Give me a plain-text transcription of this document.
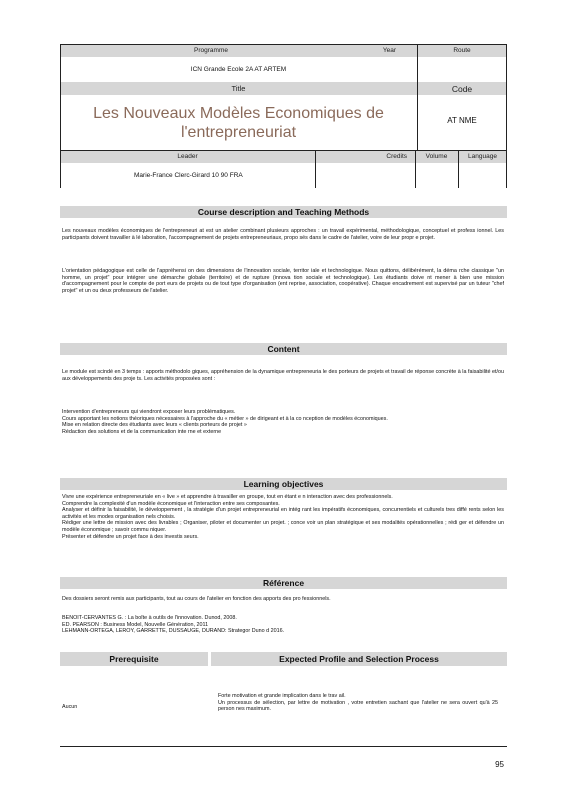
Programme	Year	Route
ICN Grande Ecole 2A AT ARTEM
Title	Code
Les Nouveaux Modèles Economiques de l'entrepreneuriat
AT NME
Leader	Credits	Volume	Language
Marie-France Clerc-Girard 10 90 FRA
Course description and Teaching Methods
Les nouveaux modèles économiques de l'entrepreneuri at est un atelier combinant plusieurs approches : un travail expérimental, méthodologique, conceptuel et profess ionnel. Les participants doivent travailler à lé laboration, l'accompagnement de projets entrepreneuriaux, propo sés dans le cadre de l'atelier, voire de leur propr e projet.
L'orientation pédagogique est celle de l'appréhensi on des dimensions de l'innovation sociale, territor iale et technologique. Nous quittons, délibérément, la déma rche classique "un homme, un projet" pour intégrer une démarche globale (territoire) et de rupture (innova tion sociale et technologique). Les étudiants doive nt mener à bien une mission d'accompagnement pour le compte de port eurs de projets ou de tout type d'organisation (ent reprise, association, coopérative). Chaque encadrement est supervisé par un tuteur "chef projet" et un ou deux professeurs de l'atelier.
Content
Le module est scindé en 3 temps : apports méthodolo giques, appréhension de la dynamique entrepreneuria le des porteurs de projets et travail de réponse concrète à la faisabilité et/ou aux développements des proje ts. Les activités proposées sont :
Intervention d'entrepreneurs qui viendront exposer leurs problématiques.
Cours apportant les notions théoriques nécessaires à l'approche du « métier » de dirigeant et à la co nception de modèles économiques.
Mise en relation directe des étudiants avec leurs « clients porteurs de projet »
Rédaction des solutions et de la communication inte rne et externe
Learning objectives
Vivre une expérience entrepreneuriale en « live » et apprendre à travailler en groupe, tout en étant e n interaction avec des professionnels.
Comprendre la complexité d'un modèle économique et l'interaction entre ses composantes.
Analyser et définir la faisabilité, le développement , la stratégie d'un projet entrepreneurial en intég rant les impératifs économiques, concurrentiels et culturels tres diffé rents selon les activités et les modes organisation nels choisis.
Rédiger une lettre de mission avec des livrables ; Organiser, piloter et documenter un projet. ; conce voir un plan stratégique et ses modalités opérationnelles ; rédi ger et défendre un modèle économique ; savoir commu niquer.
Présenter et défendre un projet face à des investis seurs.
Référence
Des dossiers seront remis aux participants, tout au cours de l'atelier en fonction des apports des pro fessionnels.
BENOIT-CERVANTES G. : La boîte à outils de l'innovation. Dunod, 2008.
ED. PEARSON : Business Model, Nouvelle Génération, 2011
LEHMANN-ORTEGA, LEROY, GARRETTE, DUSSAUGE, DURAND: Strategor Duno d 2016.
Prerequisite	Expected Profile and Selection Process
Aucun
Forte motivation et grande implication dans le trav ail.
Un processus de sélection, par lettre de motivation , votre entretien sachant que l'atelier ne sera ouvert qu'à 25 person nes maximum.
95
